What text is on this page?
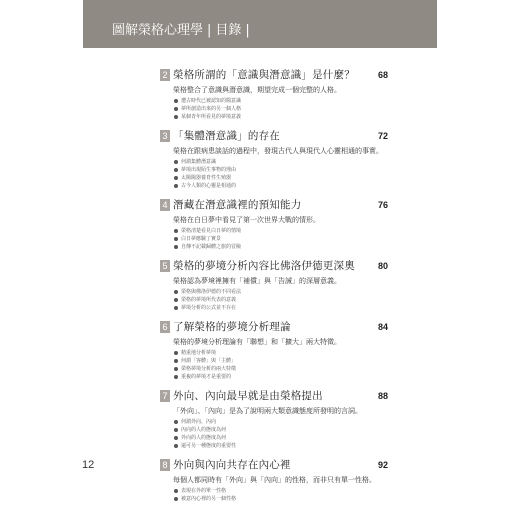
圖解榮格心理學 | 目錄 |
2 榮格所謂的「意識與潛意識」是什麼？	68
榮格整合了意識與潛意識，期望完成一個完整的人格。
遭古時代已被認知的醫意識
夢所創造出來的另一個人格
某個青年所看見的夢境意義
3 「集體潛意識」的存在	72
榮格在跟病患談話的過程中，發現古代人與現代人心靈相通的事實。
何謂集體潛意識
夢境出現陌生事物的理由
太陽陽器養育性生殖器
古今人類的心靈是相通的
4 潛藏在潛意識裡的預知能力	76
榮格在白日夢中看見了第一次世界大戰的情形。
榮格清楚看見白日夢的情境
白日夢應驗了實景
自傳不記載歸體之旅的冒險
5 榮格的夢境分析內容比佛洛伊德更深奧	80
榮格認為夢境裡擁有「補償」與「告誡」的深層意義。
榮格與佛洛伊德的不同看法
榮格的夢境所代表的意義
夢境分析的公式並不存在
6 了解榮格的夢境分析理論	84
榮格的夢境分析理論有「聯想」和「擴大」兩大特徵。
精重地分析夢境
何謂「客體」與「主體」
榮格夢境分析的兩大特徵
重複的夢境才是重要的
7 外向、內向最早就是由榮格提出	88
「外向」、「內向」是為了說明兩大類意識態度所發明的言詞。
何謂外向、內向
內向的人的態度為何
外向的人的態度為何
還可另一種態度的重要性
8 外向與內向共存在內心裡	92
每個人都同時有「外向」與「內向」的性格，而非只有單一性格。
表現在外的單一性格
被意內心裡的另一個性格
12
